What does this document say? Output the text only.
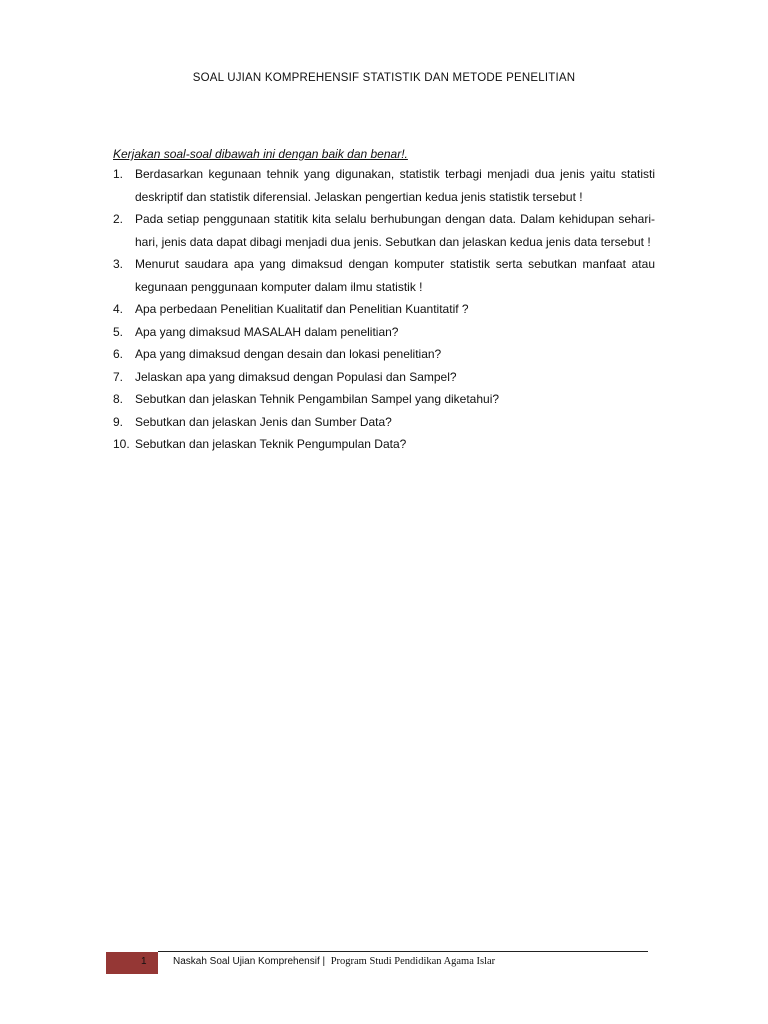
SOAL UJIAN KOMPREHENSIF STATISTIK DAN METODE PENELITIAN
Kerjakan soal-soal dibawah ini dengan baik dan benar!.
1. Berdasarkan kegunaan tehnik yang digunakan, statistik terbagi menjadi dua jenis yaitu statisti deskriptif dan statistik diferensial. Jelaskan pengertian kedua jenis statistik tersebut !
2. Pada setiap penggunaan statitik kita selalu berhubungan dengan data. Dalam kehidupan sehari-hari, jenis data dapat dibagi menjadi dua jenis. Sebutkan dan jelaskan kedua jenis data tersebut !
3. Menurut saudara apa yang dimaksud dengan komputer statistik serta sebutkan manfaat atau kegunaan penggunaan komputer dalam ilmu statistik !
4. Apa perbedaan Penelitian Kualitatif dan Penelitian Kuantitatif ?
5. Apa yang dimaksud MASALAH dalam penelitian?
6. Apa yang dimaksud dengan desain dan lokasi penelitian?
7. Jelaskan apa yang dimaksud dengan Populasi dan Sampel?
8. Sebutkan dan jelaskan Tehnik Pengambilan Sampel yang diketahui?
9. Sebutkan dan jelaskan Jenis dan Sumber Data?
10. Sebutkan dan jelaskan Teknik Pengumpulan Data?
1	Naskah Soal Ujian Komprehensif | Program Studi Pendidikan Agama Islar
